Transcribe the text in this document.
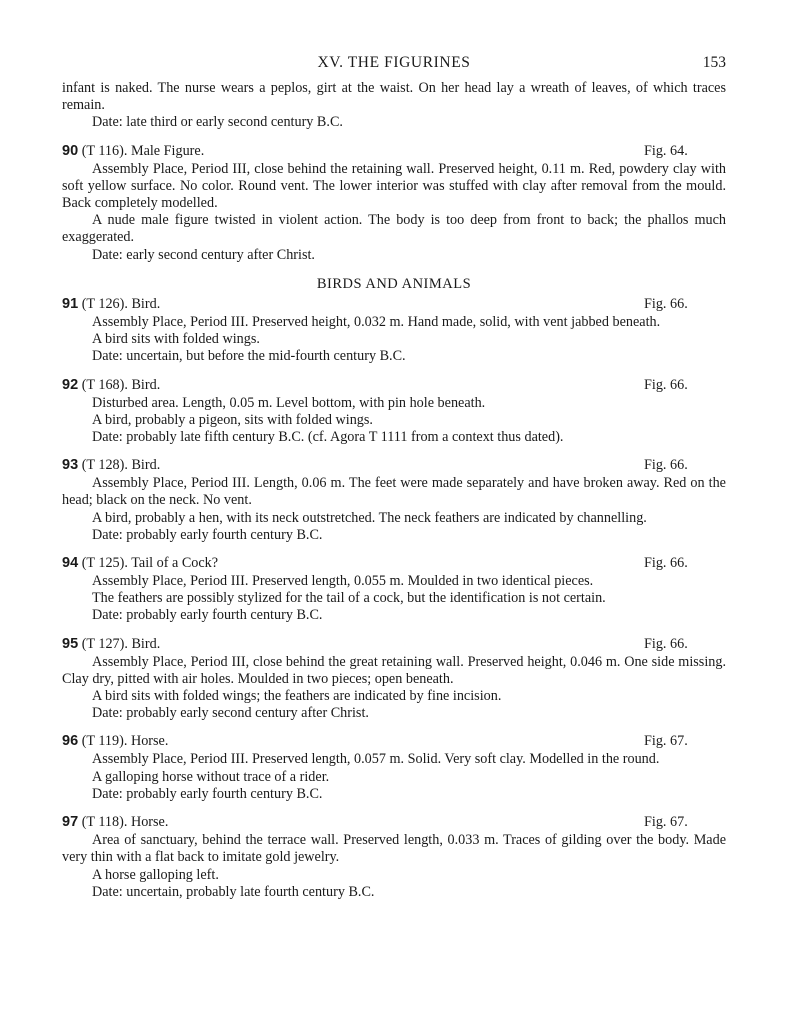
XV. THE FIGURINES	153

infant is naked. The nurse wears a peplos, girt at the waist. On her head lay a wreath of leaves, of which traces remain.

Date: late third or early second century B.C.

90 (T 116). Male Figure.	Fig. 64.

Assembly Place, Period III, close behind the retaining wall. Preserved height, 0.11 m. Red, powdery clay with soft yellow surface. No color. Round vent. The lower interior was stuffed with clay after removal from the mould. Back completely modelled.

A nude male figure twisted in violent action. The body is too deep from front to back; the phallos much exaggerated.

Date: early second century after Christ.

BIRDS AND ANIMALS

91 (T 126). Bird.	Fig. 66.

Assembly Place, Period III. Preserved height, 0.032 m. Hand made, solid, with vent jabbed beneath.

A bird sits with folded wings.

Date: uncertain, but before the mid-fourth century B.C.

92 (T 168). Bird.	Fig. 66.

Disturbed area. Length, 0.05 m. Level bottom, with pin hole beneath.

A bird, probably a pigeon, sits with folded wings.

Date: probably late fifth century B.C. (cf. Agora T 1111 from a context thus dated).

93 (T 128). Bird.	Fig. 66.

Assembly Place, Period III. Length, 0.06 m. The feet were made separately and have broken away. Red on the head; black on the neck. No vent.

A bird, probably a hen, with its neck outstretched. The neck feathers are indicated by channelling.

Date: probably early fourth century B.C.

94 (T 125). Tail of a Cock?	Fig. 66.

Assembly Place, Period III. Preserved length, 0.055 m. Moulded in two identical pieces.

The feathers are possibly stylized for the tail of a cock, but the identification is not certain.

Date: probably early fourth century B.C.

95 (T 127). Bird.	Fig. 66.

Assembly Place, Period III, close behind the great retaining wall. Preserved height, 0.046 m. One side missing. Clay dry, pitted with air holes. Moulded in two pieces; open beneath.

A bird sits with folded wings; the feathers are indicated by fine incision.

Date: probably early second century after Christ.

96 (T 119). Horse.	Fig. 67.

Assembly Place, Period III. Preserved length, 0.057 m. Solid. Very soft clay. Modelled in the round.

A galloping horse without trace of a rider.

Date: probably early fourth century B.C.

97 (T 118). Horse.	Fig. 67.

Area of sanctuary, behind the terrace wall. Preserved length, 0.033 m. Traces of gilding over the body. Made very thin with a flat back to imitate gold jewelry.

A horse galloping left.

Date: uncertain, probably late fourth century B.C.
